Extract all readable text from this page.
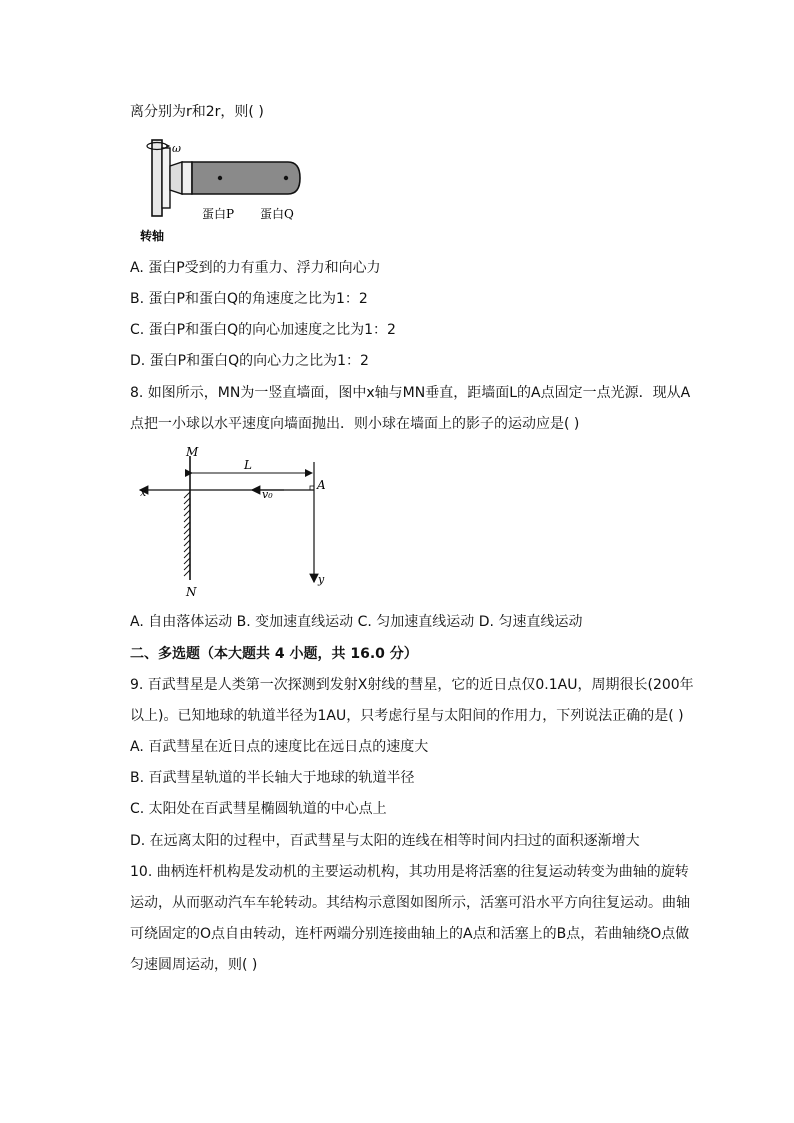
离分别为r和2r，则( )
ω
蛋白P 蛋白Q
转轴
A. 蛋白P受到的力有重力、浮力和向心力
B. 蛋白P和蛋白Q的角速度之比为1：2
C. 蛋白P和蛋白Q的向心加速度之比为1：2
D. 蛋白P和蛋白Q的向心力之比为1：2
8. 如图所示，MN为一竖直墙面，图中x轴与MN垂直，距墙面L的A点固定一点光源．现从A
点把一小球以水平速度向墙面抛出．则小球在墙面上的影子的运动应是( )
M
N
L
A
x
y
v₀
A. 自由落体运动 B. 变加速直线运动 C. 匀加速直线运动 D. 匀速直线运动
二、多选题（本大题共 4 小题，共 16.0 分）
9. 百武彗星是人类第一次探测到发射X射线的彗星，它的近日点仅0.1AU，周期很长(200年
以上)。已知地球的轨道半径为1AU，只考虑行星与太阳间的作用力，下列说法正确的是( )
A. 百武彗星在近日点的速度比在远日点的速度大
B. 百武彗星轨道的半长轴大于地球的轨道半径
C. 太阳处在百武彗星椭圆轨道的中心点上
D. 在远离太阳的过程中，百武彗星与太阳的连线在相等时间内扫过的面积逐渐增大
10. 曲柄连杆机构是发动机的主要运动机构，其功用是将活塞的往复运动转变为曲轴的旋转
运动，从而驱动汽车车轮转动。其结构示意图如图所示，活塞可沿水平方向往复运动。曲轴
可绕固定的O点自由转动，连杆两端分别连接曲轴上的A点和活塞上的B点，若曲轴绕O点做
匀速圆周运动，则( )
